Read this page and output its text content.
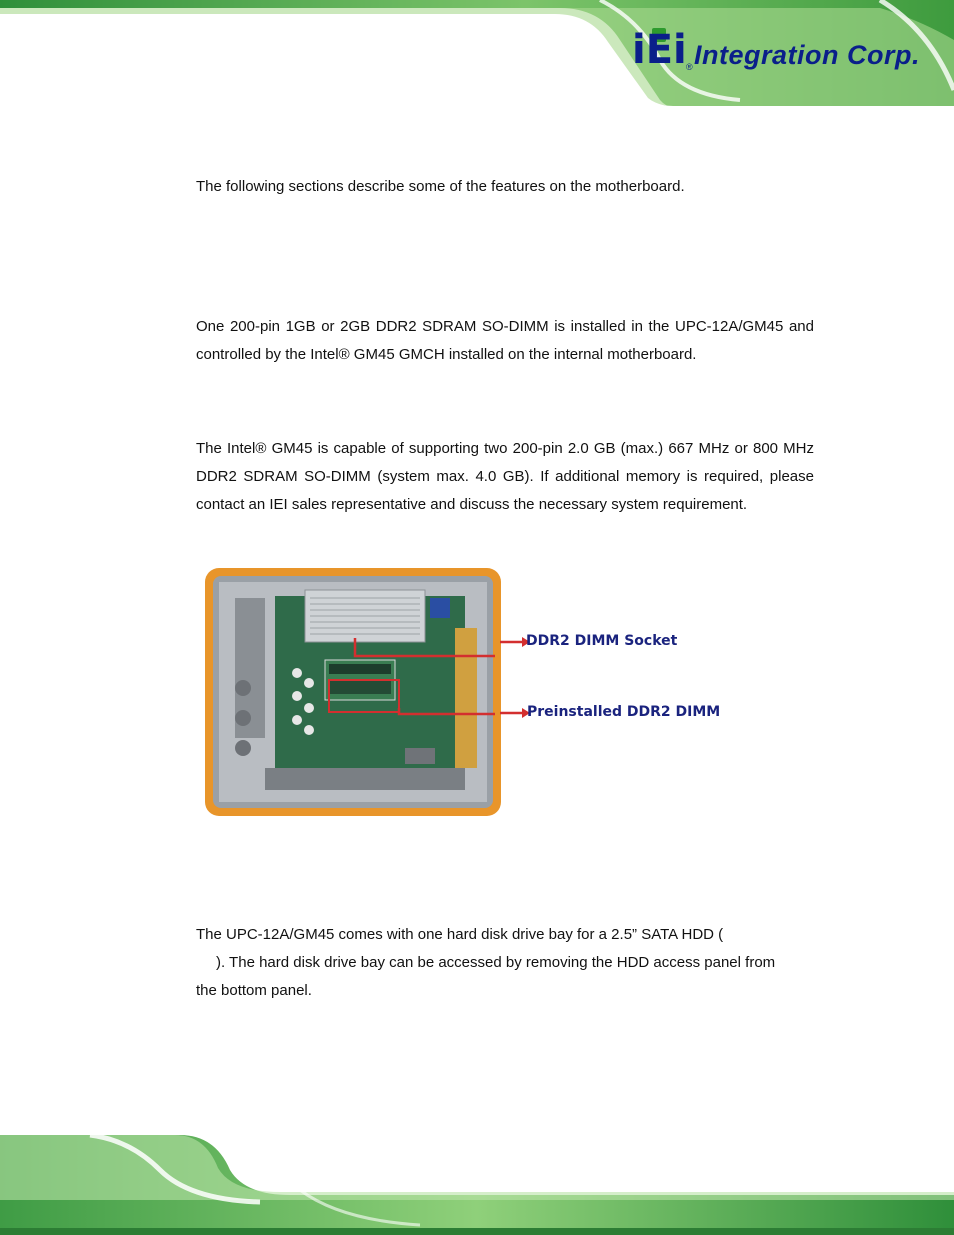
iEi ® Integration Corp.
The following sections describe some of the features on the motherboard.
One 200-pin 1GB or 2GB DDR2 SDRAM SO-DIMM is installed in the UPC-12A/GM45 and controlled by the Intel® GM45 GMCH installed on the internal motherboard.
The Intel® GM45 is capable of supporting two 200-pin 2.0 GB (max.) 667 MHz or 800 MHz DDR2 SDRAM SO-DIMM (system max. 4.0 GB). If additional memory is required, please contact an IEI sales representative and discuss the necessary system requirement.
DDR2 DIMM Socket
Preinstalled DDR2 DIMM
The UPC-12A/GM45 comes with one hard disk drive bay for a 2.5” SATA HDD (
). The hard disk drive bay can be accessed by removing the HDD access panel from
the bottom panel.
